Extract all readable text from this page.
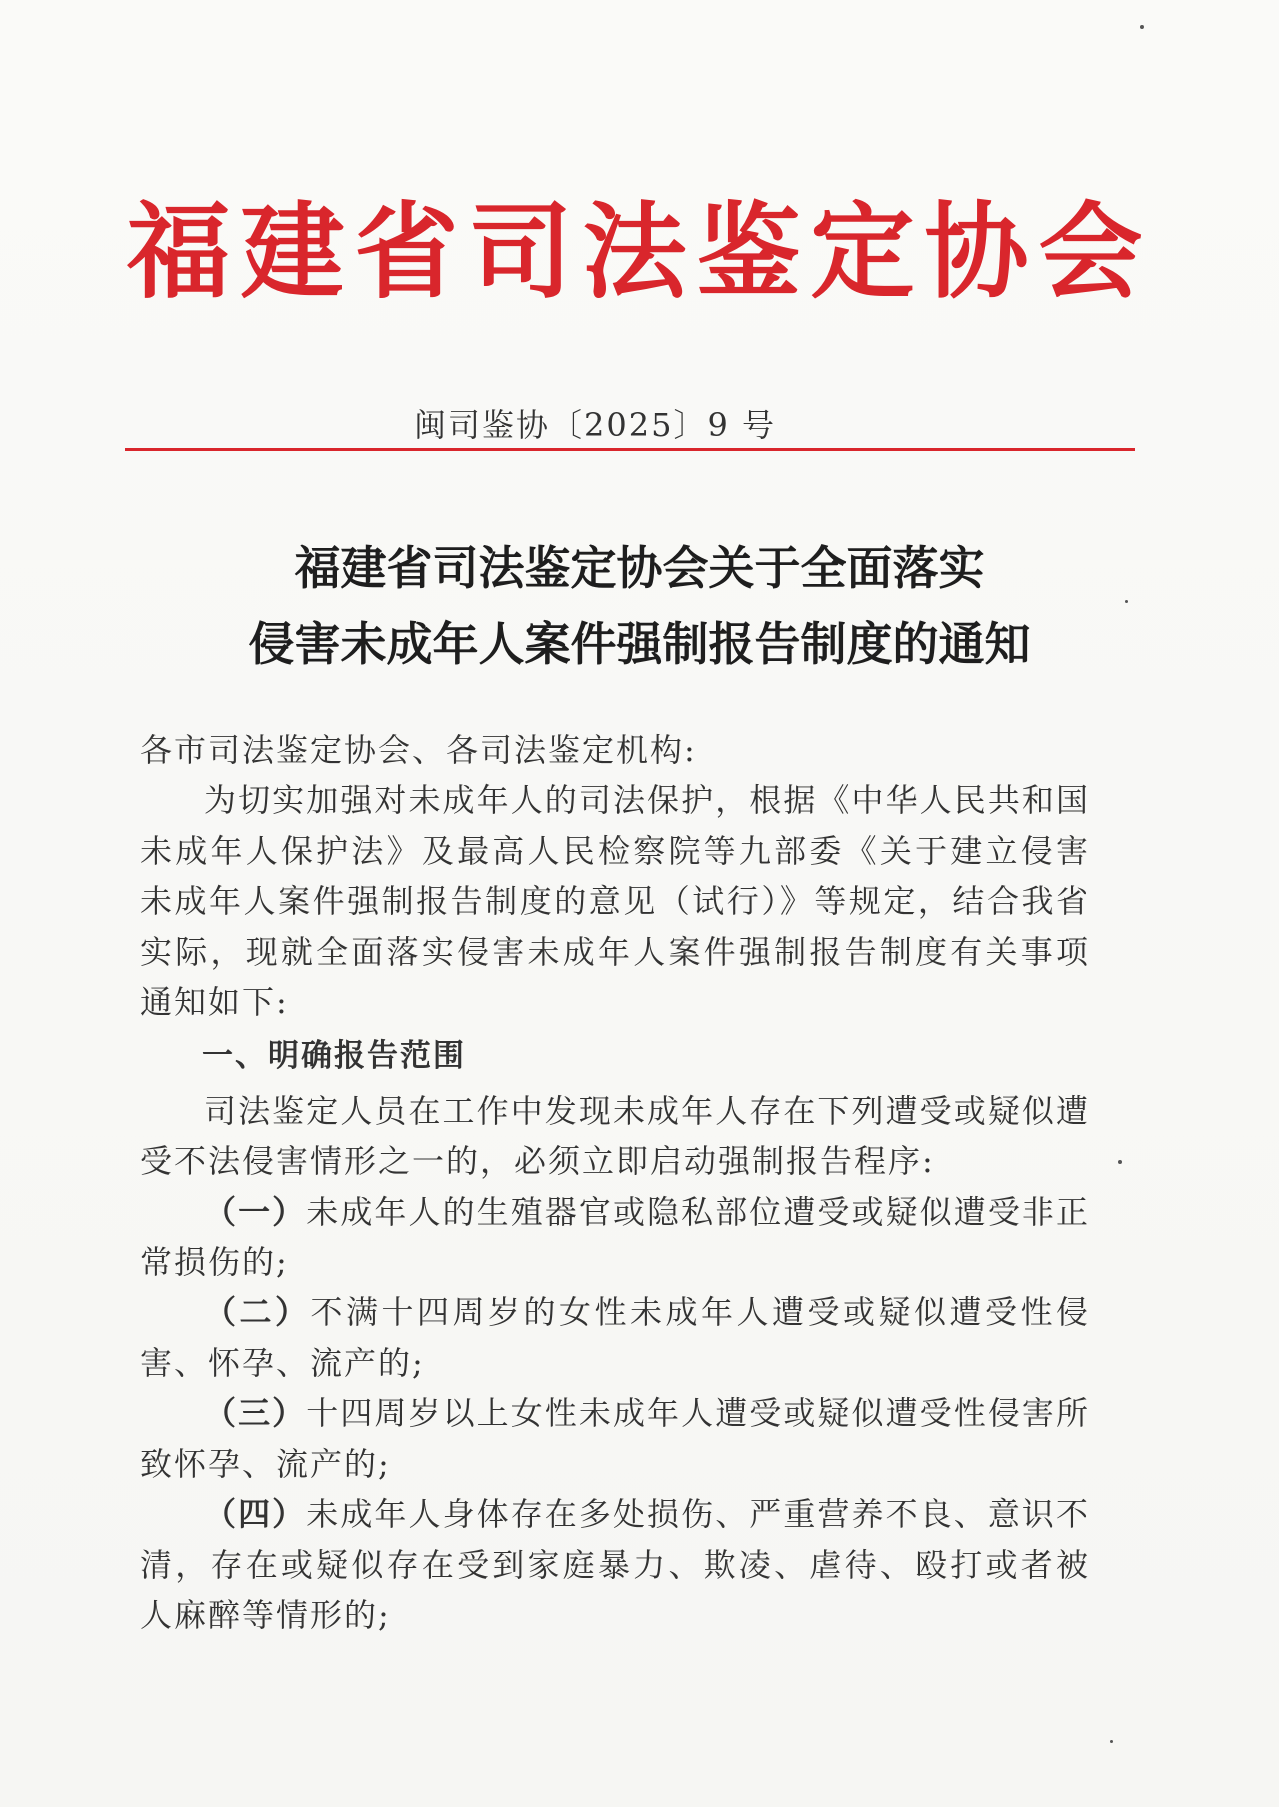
福建省司法鉴定协会
闽司鉴协〔2025〕9 号
福建省司法鉴定协会关于全面落实
侵害未成年人案件强制报告制度的通知

各市司法鉴定协会、各司法鉴定机构:

为切实加强对未成年人的司法保护，根据《中华人民共和国未成年人保护法》及最高人民检察院等九部委《关于建立侵害未成年人案件强制报告制度的意见（试行）》等规定，结合我省实际，现就全面落实侵害未成年人案件强制报告制度有关事项通知如下:

一、明确报告范围

司法鉴定人员在工作中发现未成年人存在下列遭受或疑似遭受不法侵害情形之一的，必须立即启动强制报告程序:

（一）未成年人的生殖器官或隐私部位遭受或疑似遭受非正常损伤的;

（二）不满十四周岁的女性未成年人遭受或疑似遭受性侵害、怀孕、流产的;

（三）十四周岁以上女性未成年人遭受或疑似遭受性侵害所致怀孕、流产的;

（四）未成年人身体存在多处损伤、严重营养不良、意识不清，存在或疑似存在受到家庭暴力、欺凌、虐待、殴打或者被人麻醉等情形的;
